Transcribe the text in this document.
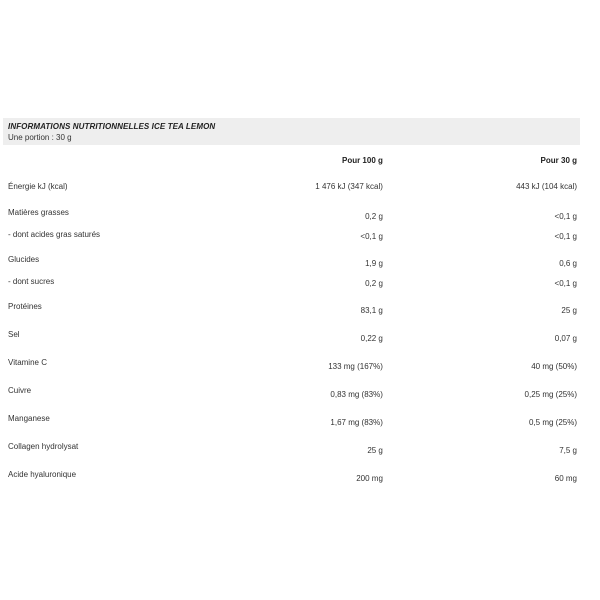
INFORMATIONS NUTRITIONNELLES ICE TEA LEMON
Une portion : 30 g
	Pour 100 g	Pour 30 g
Énergie kJ (kcal)	1 476 kJ (347 kcal)	443 kJ (104 kcal)
Matières grasses	0,2 g	<0,1 g
- dont acides gras saturés	<0,1 g	<0,1 g
Glucides	1,9 g	0,6 g
- dont sucres	0,2 g	<0,1 g
Protéines	83,1 g	25 g
Sel	0,22 g	0,07 g
Vitamine C	133 mg (167%)	40 mg (50%)
Cuivre	0,83 mg (83%)	0,25 mg (25%)
Manganese	1,67 mg (83%)	0,5 mg (25%)
Collagen hydrolysat	25 g	7,5 g
Acide hyaluronique	200 mg	60 mg
